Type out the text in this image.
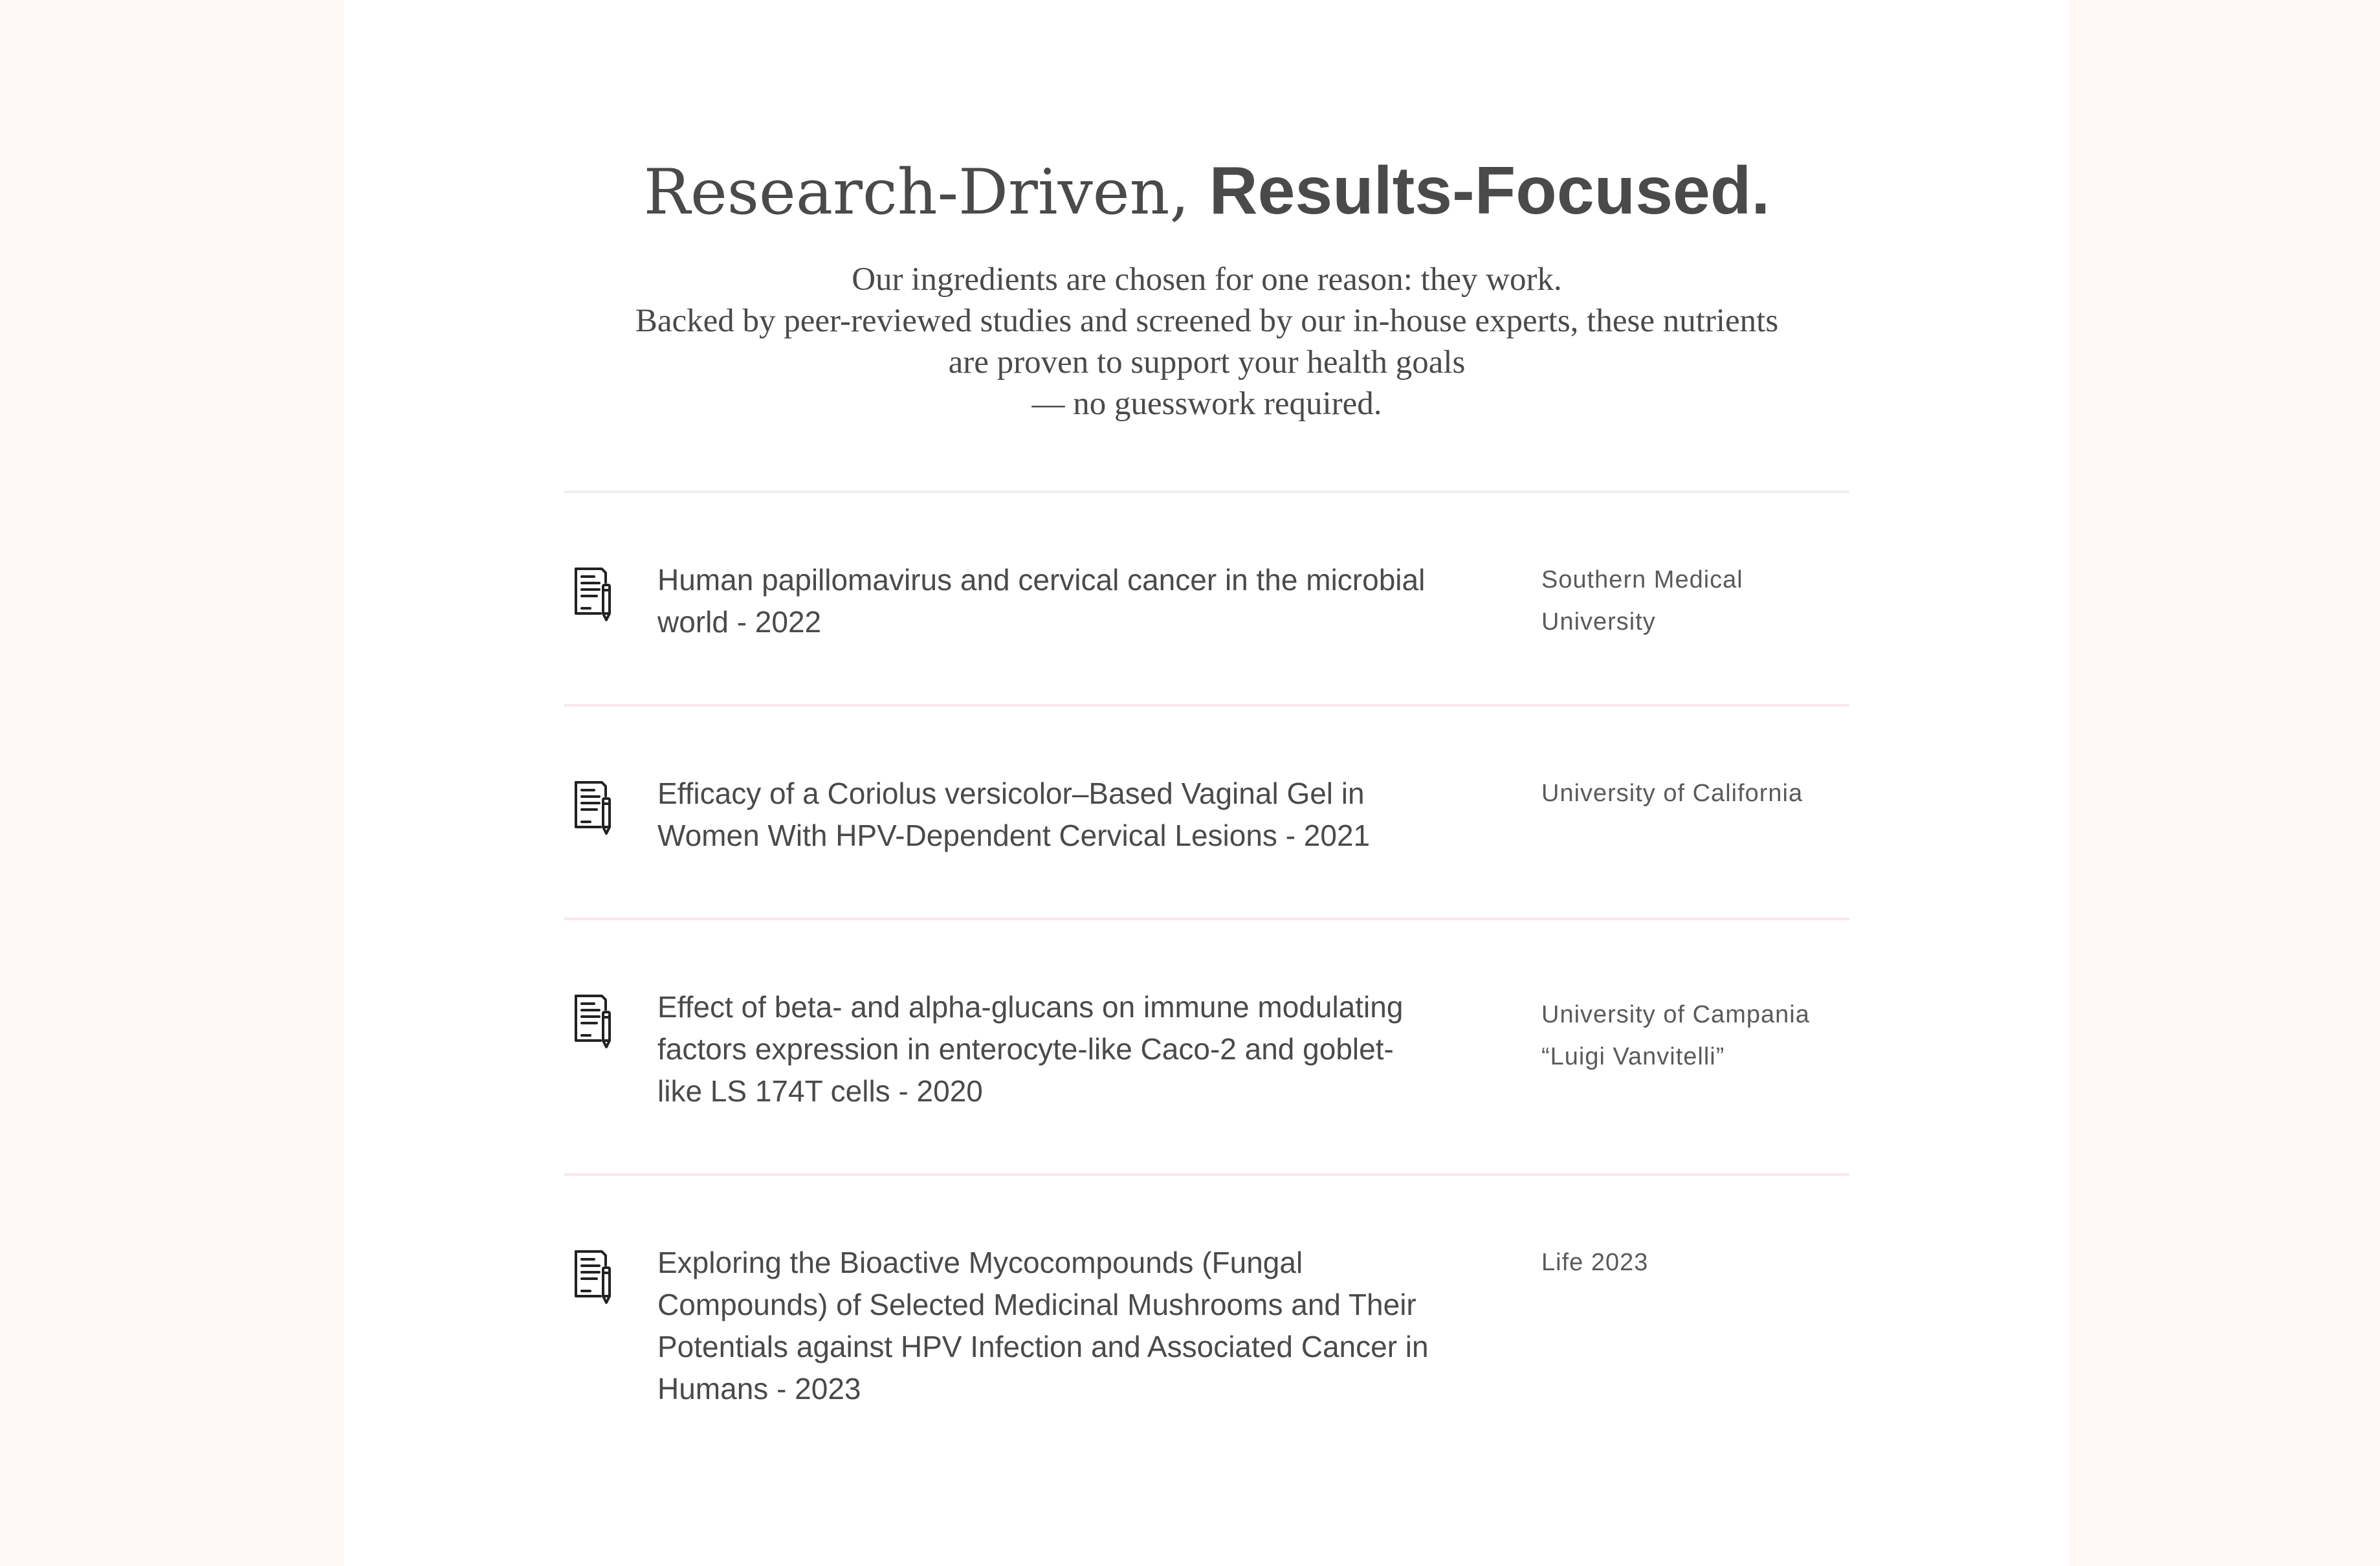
Research-Driven, Results-Focused.
Our ingredients are chosen for one reason: they work.
Backed by peer-reviewed studies and screened by our in-house experts, these nutrients
are proven to support your health goals
— no guesswork required.
Human papillomavirus and cervical cancer in the microbial world - 2022
Southern Medical University
Efficacy of a Coriolus versicolor–Based Vaginal Gel in Women With HPV-Dependent Cervical Lesions - 2021
University of California
Effect of beta- and alpha-glucans on immune modulating factors expression in enterocyte-like Caco-2 and goblet-like LS 174T cells - 2020
University of Campania “Luigi Vanvitelli”
Exploring the Bioactive Mycocompounds (Fungal Compounds) of Selected Medicinal Mushrooms and Their Potentials against HPV Infection and Associated Cancer in Humans - 2023
Life 2023
